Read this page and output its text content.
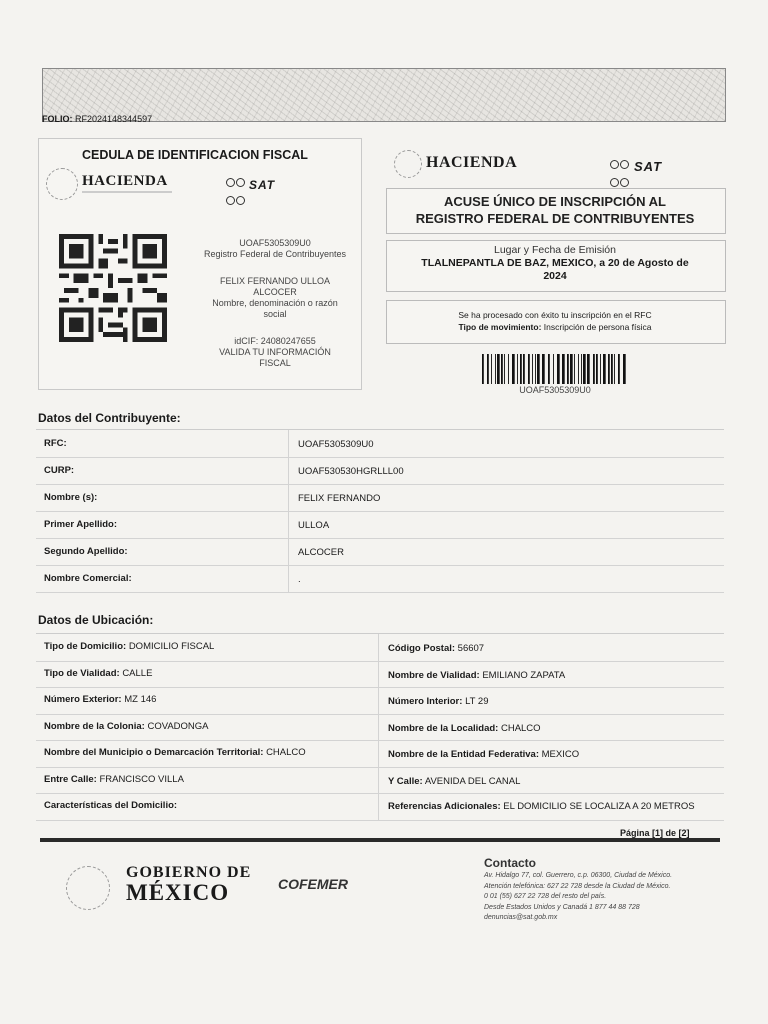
FOLIO: RF2024148344597
CEDULA DE IDENTIFICACION FISCAL
HACIENDA	SAT
UOAF5305309U0
Registro Federal de Contribuyentes
FELIX FERNANDO ULLOA
ALCOCER
Nombre, denominación o razón
social
idCIF: 24080247655
VALIDA TU INFORMACIÓN
FISCAL
HACIENDA	SAT
ACUSE ÚNICO DE INSCRIPCIÓN AL
REGISTRO FEDERAL DE CONTRIBUYENTES
Lugar y Fecha de Emisión
TLALNEPANTLA DE BAZ, MEXICO, a 20 de Agosto de
2024
Se ha procesado con éxito tu inscripción en el RFC
Tipo de movimiento: Inscripción de persona física
UOAF5305309U0
Datos del Contribuyente:
RFC:	UOAF5305309U0
CURP:	UOAF530530HGRLLL00
Nombre (s):	FELIX FERNANDO
Primer Apellido:	ULLOA
Segundo Apellido:	ALCOCER
Nombre Comercial:	.
Datos de Ubicación:
Tipo de Domicilio: DOMICILIO FISCAL	Código Postal: 56607
Tipo de Vialidad: CALLE	Nombre de Vialidad: EMILIANO ZAPATA
Número Exterior: MZ 146	Número Interior: LT 29
Nombre de la Colonia: COVADONGA	Nombre de la Localidad: CHALCO
Nombre del Municipio o Demarcación Territorial: CHALCO	Nombre de la Entidad Federativa: MEXICO
Entre Calle: FRANCISCO VILLA	Y Calle: AVENIDA DEL CANAL
Características del Domicilio:	Referencias Adicionales: EL DOMICILIO SE LOCALIZA A 20 METROS
Página [1] de [2]
GOBIERNO DE
MÉXICO	COFEMER
Contacto
Av. Hidalgo 77, col. Guerrero, c.p. 06300, Ciudad de México.
Atención telefónica: 627 22 728 desde la Ciudad de México.
0 01 (55) 627 22 728 del resto del país.
Desde Estados Unidos y Canadá 1 877 44 88 728
denuncias@sat.gob.mx
